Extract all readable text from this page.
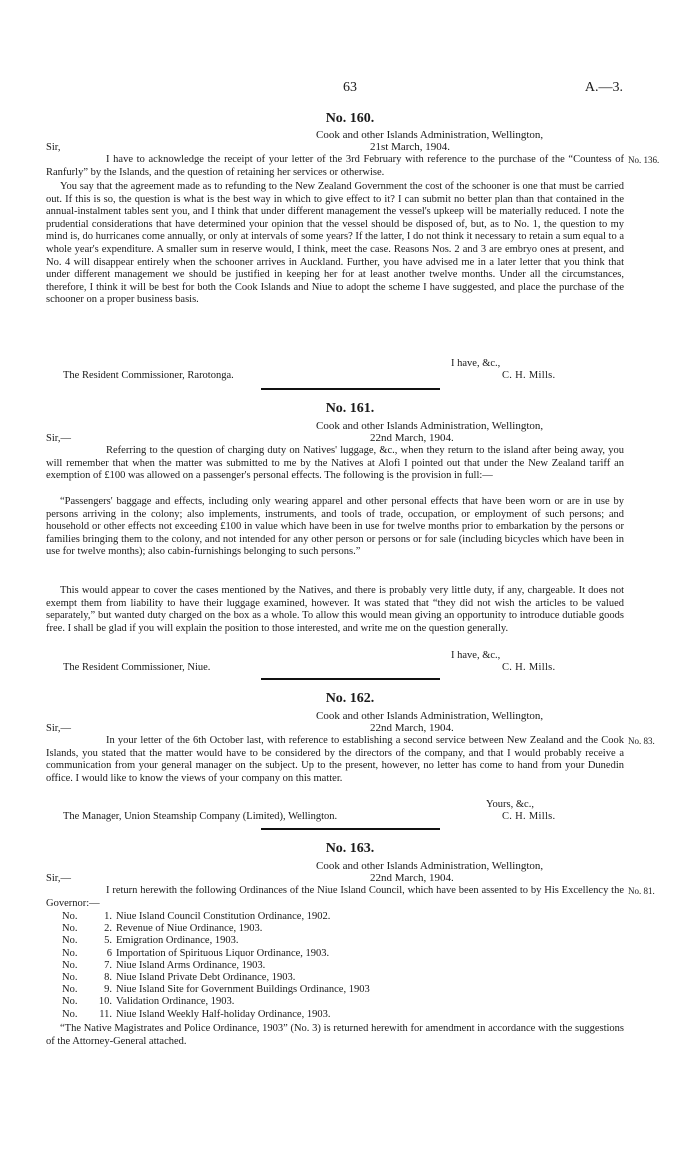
63	A.—3.
No. 160.
Cook and other Islands Administration, Wellington,
Sir,	21st March, 1904.

I have to acknowledge the receipt of your letter of the 3rd February with reference to the purchase of the “Countess of Ranfurly” by the Islands, and the question of retaining her services or otherwise.

No. 136.

You say that the agreement made as to refunding to the New Zealand Government the cost of the schooner is one that must be carried out. If this is so, the question is what is the best way in which to give effect to it? I can submit no better plan than that contained in the annual-instalment tables sent you, and I think that under different management the vessel's upkeep will be materially reduced. I note the prudential considerations that have determined your opinion that the vessel should be disposed of, but, as to No. 1, the question to my mind is, do hurricanes come annually, or only at intervals of some years? If the latter, I do not think it necessary to retain a sum equal to a whole year's expenditure. A smaller sum in reserve would, I think, meet the case. Reasons Nos. 2 and 3 are embryo ones at present, and No. 4 will disappear entirely when the schooner arrives in Auckland. Further, you have advised me in a later letter that you think that under different management we should be justified in keeping her for at least another twelve months. Under all the circumstances, therefore, I think it will be best for both the Cook Islands and Niue to adopt the scheme I have suggested, and place the purchase of the schooner on a proper business basis.

I have, &c.,
The Resident Commissioner, Rarotonga.	C. H. Mills.
No. 161.
Cook and other Islands Administration, Wellington,
Sir,—	22nd March, 1904.

Referring to the question of charging duty on Natives' luggage, &c., when they return to the island after being away, you will remember that when the matter was submitted to me by the Natives at Alofi I pointed out that under the New Zealand tariff an exemption of £100 was allowed on a passenger's personal effects. The following is the provision in full:—

“Passengers' baggage and effects, including only wearing apparel and other personal effects that have been worn or are in use by persons arriving in the colony; also implements, instruments, and tools of trade, occupation, or employment of such persons; and household or other effects not exceeding £100 in value which have been in use for twelve months prior to embarkation by the persons or families bringing them to the colony, and not intended for any other person or persons or for sale (including bicycles which have been in use for twelve months); also cabin-furnishings belonging to such persons.”

This would appear to cover the cases mentioned by the Natives, and there is probably very little duty, if any, chargeable. It does not exempt them from liability to have their luggage examined, however. It was stated that “they did not wish the articles to be valued separately,” but wanted duty charged on the box as a whole. To allow this would mean giving an opportunity to introduce dutiable goods free. I shall be glad if you will explain the position to those interested, and write me on the question generally.

I have, &c.,
The Resident Commissioner, Niue.	C. H. Mills.
No. 162.
Cook and other Islands Administration, Wellington,
Sir,—	22nd March, 1904.

In your letter of the 6th October last, with reference to establishing a second service between New Zealand and the Cook Islands, you stated that the matter would have to be considered by the directors of the company, and that I would probably receive a communication from your general manager on the subject. Up to the present, however, no letter has come to hand from your Dunedin office. I would like to know the views of your company on this matter.

No. 83.
Yours, &c.,
The Manager, Union Steamship Company (Limited), Wellington.	C. H. Mills.
No. 163.
Cook and other Islands Administration, Wellington,
Sir,—	22nd March, 1904.

I return herewith the following Ordinances of the Niue Island Council, which have been assented to by His Excellency the Governor:—

No. 81.
No.	1. Niue Island Council Constitution Ordinance, 1902.
No.	2. Revenue of Niue Ordinance, 1903.
No.	5. Emigration Ordinance, 1903.
No.	6 Importation of Spirituous Liquor Ordinance, 1903.
No.	7. Niue Island Arms Ordinance, 1903.
No.	8. Niue Island Private Debt Ordinance, 1903.
No.	9. Niue Island Site for Government Buildings Ordinance, 1903
No. 10. Validation Ordinance, 1903.
No. 11. Niue Island Weekly Half-holiday Ordinance, 1903.

“The Native Magistrates and Police Ordinance, 1903” (No. 3) is returned herewith for amendment in accordance with the suggestions of the Attorney-General attached.
